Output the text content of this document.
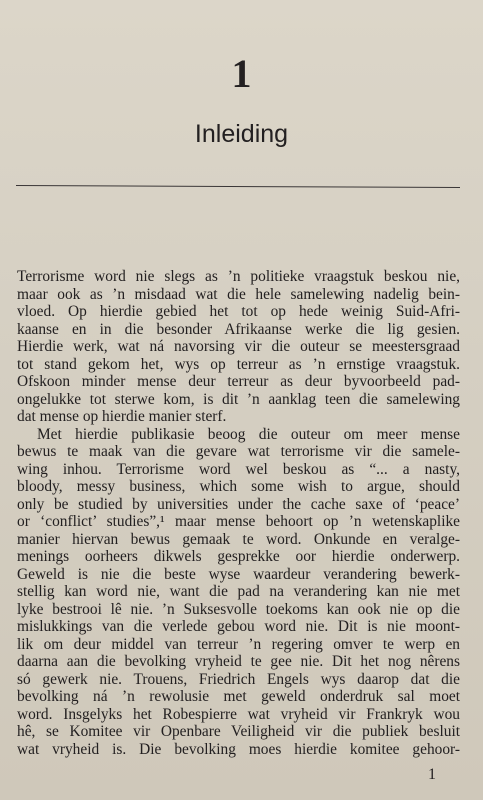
1
Inleiding
Terrorisme word nie slegs as ’n politieke vraagstuk beskou nie,
maar ook as ’n misdaad wat die hele samelewing nadelig bein-
vloed. Op hierdie gebied het tot op hede weinig Suid-Afri-
kaanse en in die besonder Afrikaanse werke die lig gesien.
Hierdie werk, wat ná navorsing vir die outeur se meestersgraad
tot stand gekom het, wys op terreur as ’n ernstige vraagstuk.
Ofskoon minder mense deur terreur as deur byvoorbeeld pad-
ongelukke tot sterwe kom, is dit ’n aanklag teen die samelewing
dat mense op hierdie manier sterf.
Met hierdie publikasie beoog die outeur om meer mense
bewus te maak van die gevare wat terrorisme vir die samele-
wing inhou. Terrorisme word wel beskou as “... a nasty,
bloody, messy business, which some wish to argue, should
only be studied by universities under the cache saxe of ‘peace’
or ‘conflict’ studies”,¹ maar mense behoort op ’n wetenskaplike
manier hiervan bewus gemaak te word. Onkunde en veralge-
menings oorheers dikwels gesprekke oor hierdie onderwerp.
Geweld is nie die beste wyse waardeur verandering bewerk-
stellig kan word nie, want die pad na verandering kan nie met
lyke bestrooi lê nie. ’n Suksesvolle toekoms kan ook nie op die
mislukkings van die verlede gebou word nie. Dit is nie moont-
lik om deur middel van terreur ’n regering omver te werp en
daarna aan die bevolking vryheid te gee nie. Dit het nog nêrens
só gewerk nie. Trouens, Friedrich Engels wys daarop dat die
bevolking ná ’n rewolusie met geweld onderdruk sal moet
word. Insgelyks het Robespierre wat vryheid vir Frankryk wou
hê, se Komitee vir Openbare Veiligheid vir die publiek besluit
wat vryheid is. Die bevolking moes hierdie komitee gehoor-
1
